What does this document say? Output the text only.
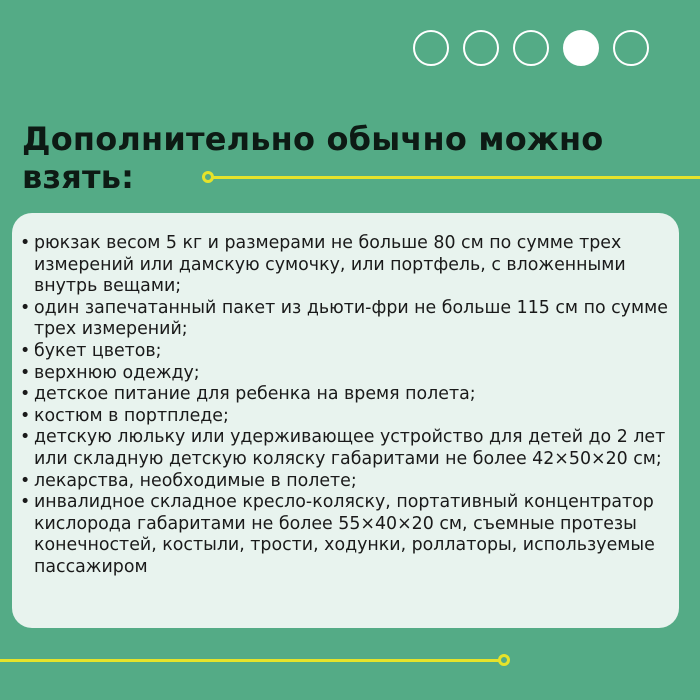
Дополнительно обычно можно взять:
• рюкзак весом 5 кг и размерами не больше 80 см по сумме трех измерений или дамскую сумочку, или портфель, с вложенными внутрь вещами;
• один запечатанный пакет из дьюти-фри не больше 115 см по сумме трех измерений;
• букет цветов;
• верхнюю одежду;
• детское питание для ребенка на время полета;
• костюм в портпледе;
• детскую люльку или удерживающее устройство для детей до 2 лет или складную детскую коляску габаритами не более 42×50×20 см;
• лекарства, необходимые в полете;
• инвалидное складное кресло-коляску, портативный концентратор кислорода габаритами не более 55×40×20 см, съемные протезы конечностей, костыли, трости, ходунки, роллаторы, используемые пассажиром
